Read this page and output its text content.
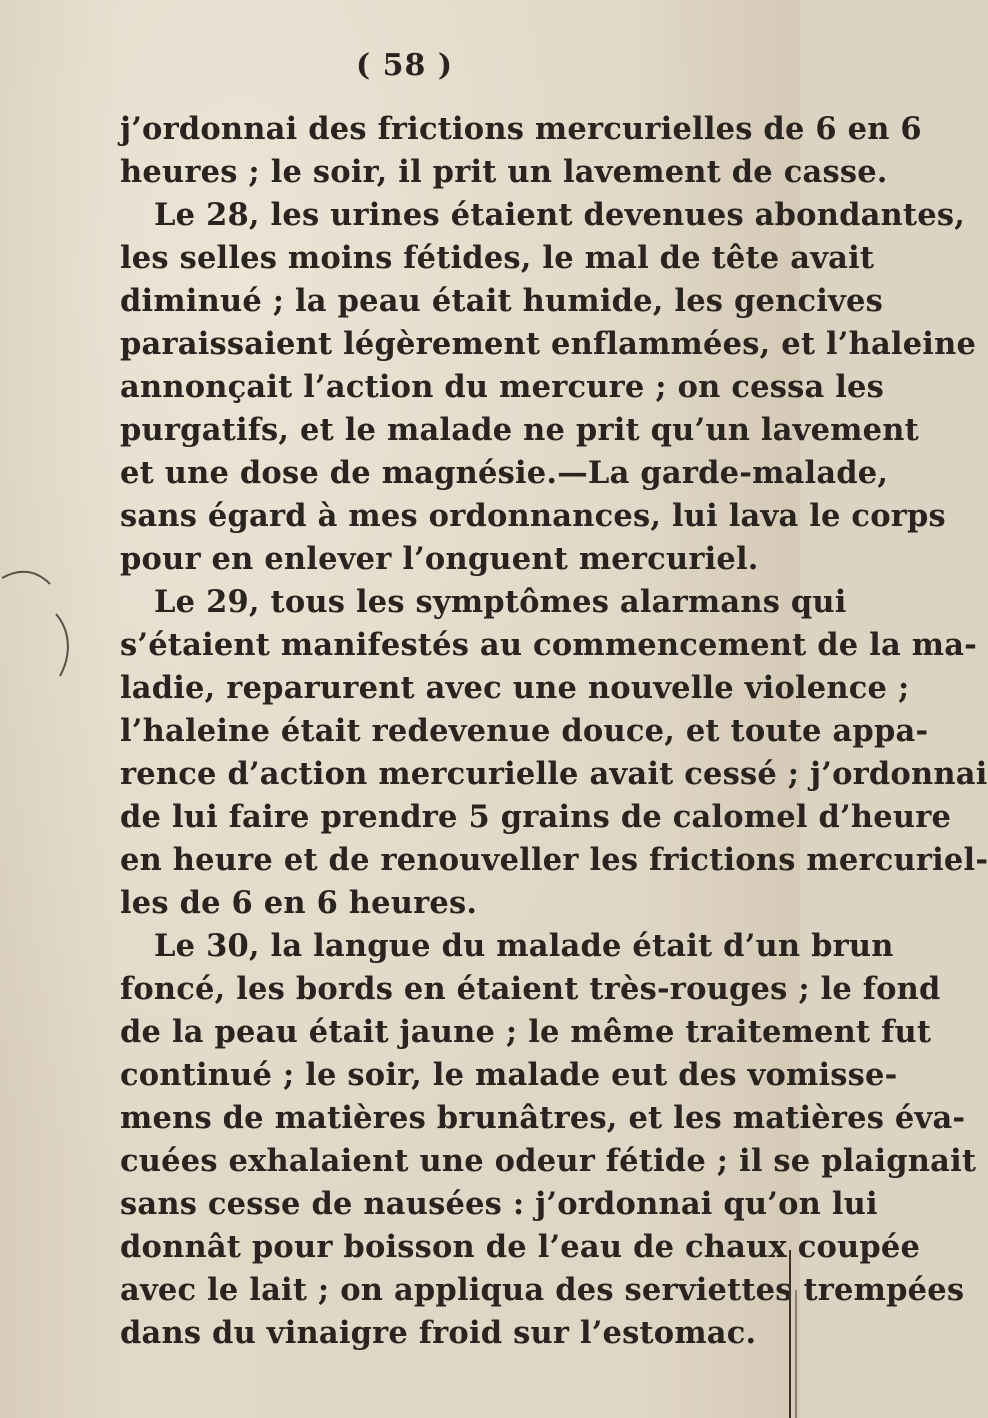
( 58 )
j’ordonnai des frictions mercurielles de 6 en 6
heures ; le soir, il prit un lavement de casse.
Le 28, les urines étaient devenues abondantes,
les selles moins fétides, le mal de tête avait
diminué ; la peau était humide, les gencives
paraissaient légèrement enflammées, et l’haleine
annonçait l’action du mercure ; on cessa les
purgatifs, et le malade ne prit qu’un lavement
et une dose de magnésie.—La garde-malade,
sans égard à mes ordonnances, lui lava le corps
pour en enlever l’onguent mercuriel.
Le 29, tous les symptômes alarmans qui
s’étaient manifestés au commencement de la ma-
ladie, reparurent avec une nouvelle violence ;
l’haleine était redevenue douce, et toute appa-
rence d’action mercurielle avait cessé ; j’ordonnai
de lui faire prendre 5 grains de calomel d’heure
en heure et de renouveller les frictions mercuriel-
les de 6 en 6 heures.
Le 30, la langue du malade était d’un brun
foncé, les bords en étaient très-rouges ; le fond
de la peau était jaune ; le même traitement fut
continué ; le soir, le malade eut des vomisse-
mens de matières brunâtres, et les matières éva-
cuées exhalaient une odeur fétide ; il se plaignait
sans cesse de nausées : j’ordonnai qu’on lui
donnât pour boisson de l’eau de chaux coupée
avec le lait ; on appliqua des serviettes trempées
dans du vinaigre froid sur l’estomac.
